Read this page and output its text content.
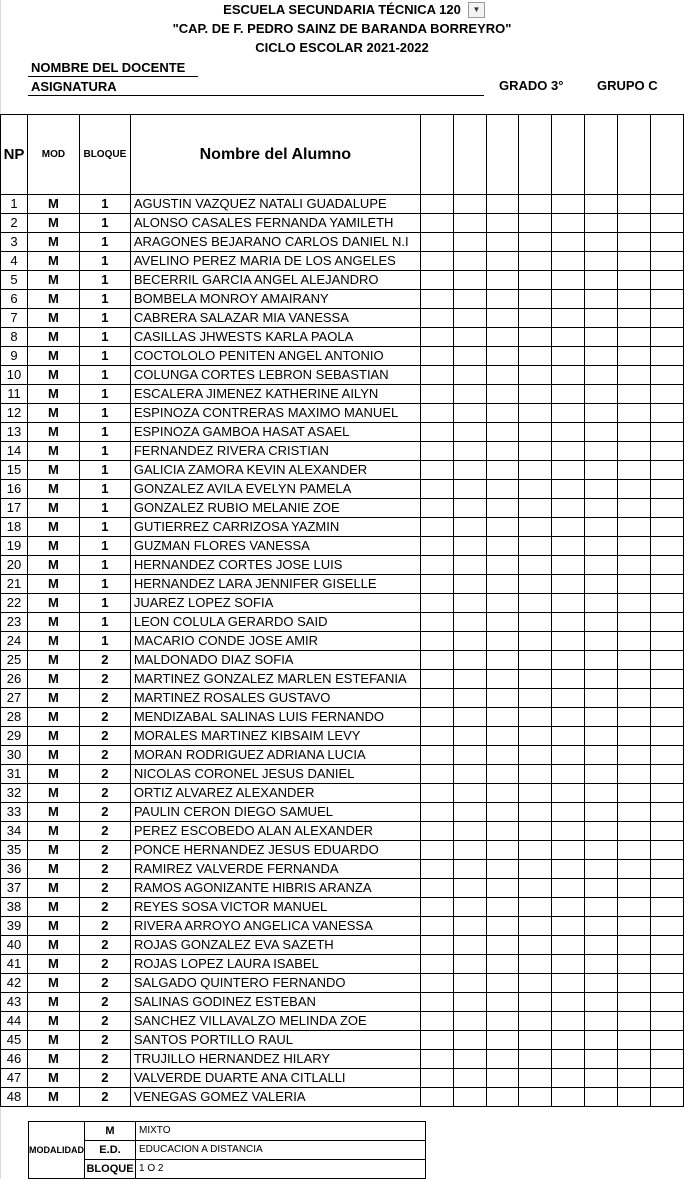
ESCUELA SECUNDARIA TÉCNICA 120	▼
"CAP. DE F. PEDRO SAINZ DE BARANDA BORREYRO"
CICLO ESCOLAR 2021-2022
NOMBRE DEL DOCENTE
ASIGNATURA	GRADO 3°	GRUPO C
NP	MOD	BLOQUE	Nombre del Alumno								
1	M	1	AGUSTIN VAZQUEZ NATALI GUADALUPE								
2	M	1	ALONSO CASALES FERNANDA YAMILETH								
3	M	1	ARAGONES BEJARANO CARLOS DANIEL N.I								
4	M	1	AVELINO PEREZ MARIA DE LOS ANGELES								
5	M	1	BECERRIL GARCIA ANGEL ALEJANDRO								
6	M	1	BOMBELA MONROY AMAIRANY								
7	M	1	CABRERA SALAZAR MIA VANESSA								
8	M	1	CASILLAS JHWESTS KARLA PAOLA								
9	M	1	COCTOLOLO PENITEN ANGEL ANTONIO								
10	M	1	COLUNGA CORTES LEBRON SEBASTIAN								
11	M	1	ESCALERA JIMENEZ KATHERINE AILYN								
12	M	1	ESPINOZA CONTRERAS MAXIMO MANUEL								
13	M	1	ESPINOZA GAMBOA HASAT ASAEL								
14	M	1	FERNANDEZ RIVERA CRISTIAN								
15	M	1	GALICIA ZAMORA KEVIN ALEXANDER								
16	M	1	GONZALEZ AVILA EVELYN PAMELA								
17	M	1	GONZALEZ RUBIO MELANIE ZOE								
18	M	1	GUTIERREZ CARRIZOSA YAZMIN								
19	M	1	GUZMAN FLORES VANESSA								
20	M	1	HERNANDEZ CORTES JOSE LUIS								
21	M	1	HERNANDEZ LARA JENNIFER GISELLE								
22	M	1	JUAREZ LOPEZ SOFIA								
23	M	1	LEON COLULA GERARDO SAID								
24	M	1	MACARIO CONDE JOSE AMIR								
25	M	2	MALDONADO DIAZ SOFIA								
26	M	2	MARTINEZ GONZALEZ MARLEN ESTEFANIA								
27	M	2	MARTINEZ ROSALES GUSTAVO								
28	M	2	MENDIZABAL SALINAS LUIS FERNANDO								
29	M	2	MORALES MARTINEZ KIBSAIM LEVY								
30	M	2	MORAN RODRIGUEZ ADRIANA LUCIA								
31	M	2	NICOLAS CORONEL JESUS DANIEL								
32	M	2	ORTIZ ALVAREZ ALEXANDER								
33	M	2	PAULIN CERON DIEGO SAMUEL								
34	M	2	PEREZ ESCOBEDO ALAN ALEXANDER								
35	M	2	PONCE HERNANDEZ JESUS EDUARDO								
36	M	2	RAMIREZ VALVERDE FERNANDA								
37	M	2	RAMOS AGONIZANTE HIBRIS ARANZA								
38	M	2	REYES SOSA VICTOR MANUEL								
39	M	2	RIVERA ARROYO ANGELICA VANESSA								
40	M	2	ROJAS GONZALEZ EVA SAZETH								
41	M	2	ROJAS LOPEZ LAURA ISABEL								
42	M	2	SALGADO QUINTERO FERNANDO								
43	M	2	SALINAS GODINEZ ESTEBAN								
44	M	2	SANCHEZ VILLAVALZO MELINDA ZOE								
45	M	2	SANTOS PORTILLO RAUL								
46	M	2	TRUJILLO HERNANDEZ HILARY								
47	M	2	VALVERDE DUARTE ANA CITLALLI								
48	M	2	VENEGAS GOMEZ VALERIA								
MODALIDAD	M	MIXTO
	E.D.	EDUCACION A DISTANCIA
	BLOQUE	1 O 2
